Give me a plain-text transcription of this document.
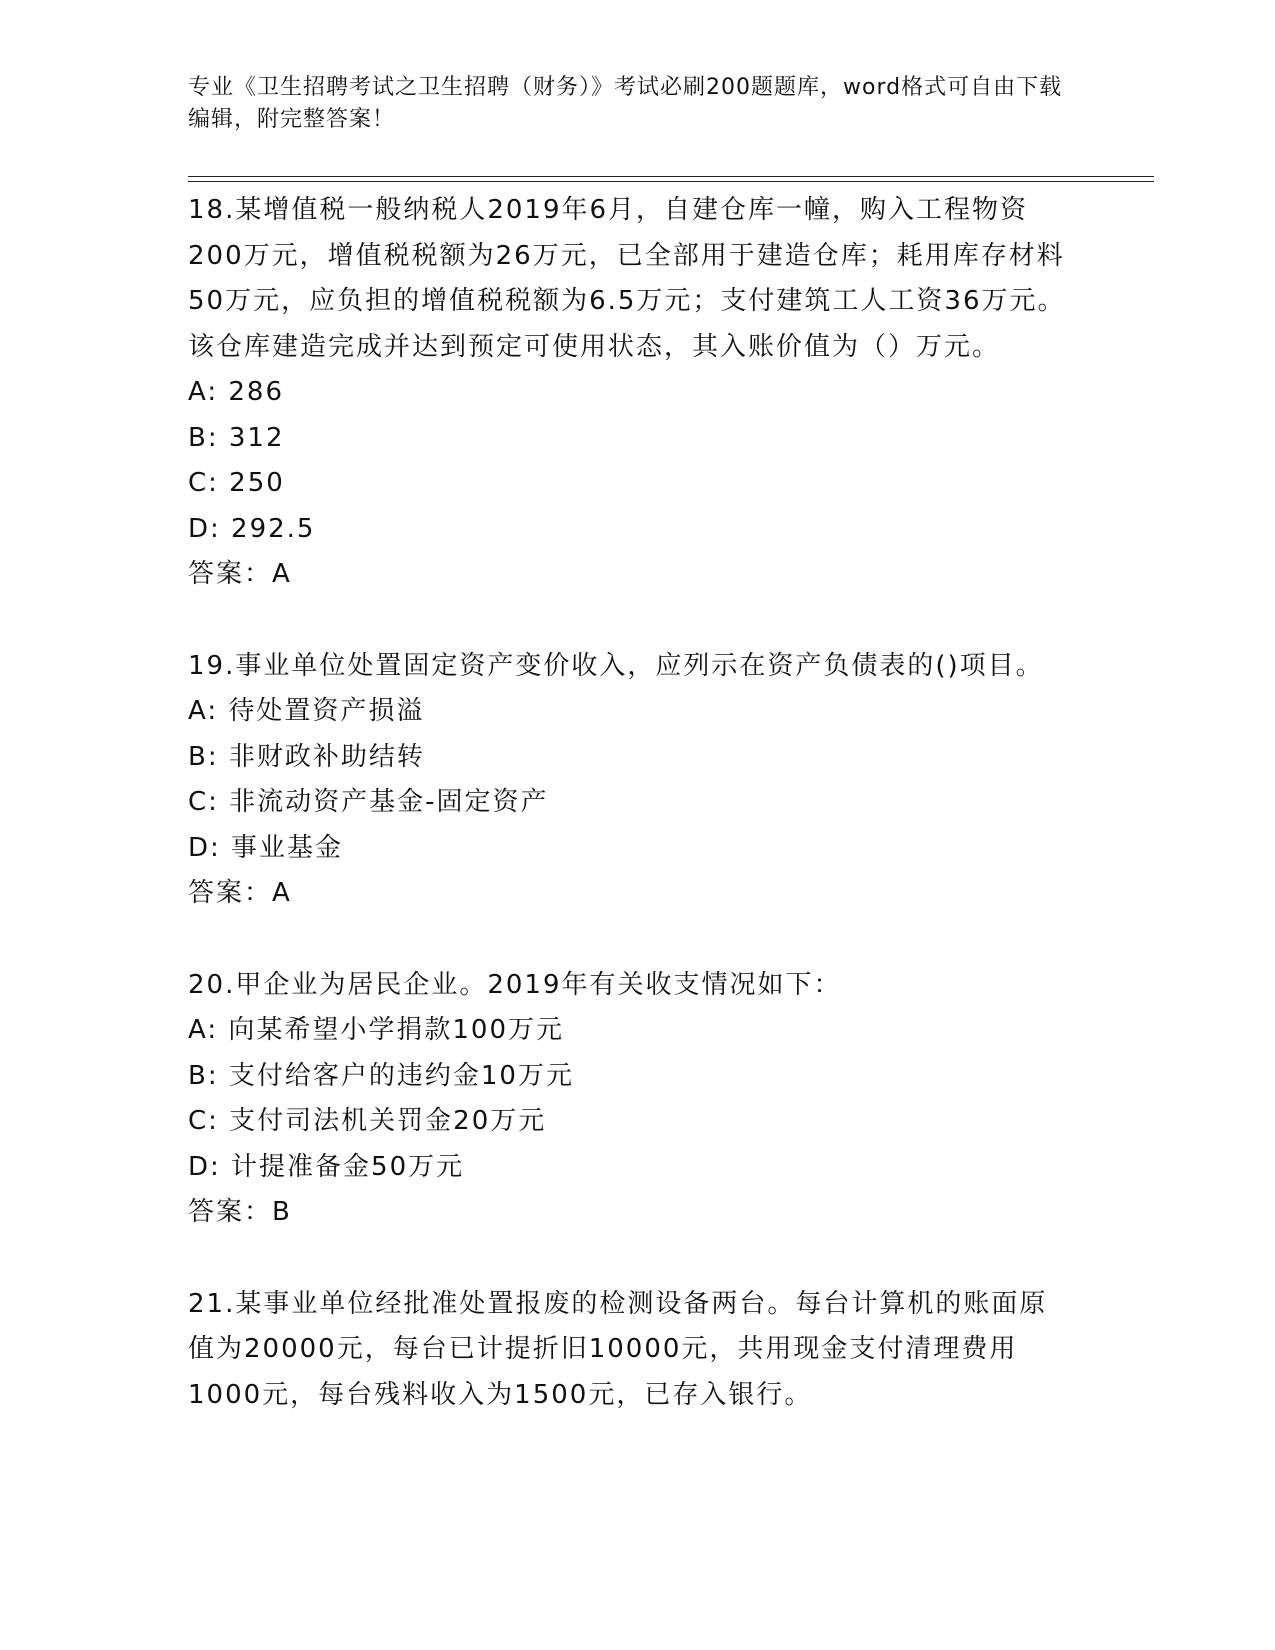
专业《卫生招聘考试之卫生招聘（财务）》考试必刷200题题库，word格式可自由下载编辑，附完整答案！

18.某增值税一般纳税人2019年6月，自建仓库一幢，购入工程物资200万元，增值税税额为26万元，已全部用于建造仓库；耗用库存材料50万元，应负担的增值税税额为6.5万元；支付建筑工人工资36万元。该仓库建造完成并达到预定可使用状态，其入账价值为（）万元。

A: 286

B: 312

C: 250

D: 292.5

答案：A

19.事业单位处置固定资产变价收入，应列示在资产负债表的()项目。

A: 待处置资产损溢

B: 非财政补助结转

C: 非流动资产基金-固定资产

D: 事业基金

答案：A

20.甲企业为居民企业。2019年有关收支情况如下：

A: 向某希望小学捐款100万元

B: 支付给客户的违约金10万元

C: 支付司法机关罚金20万元

D: 计提准备金50万元

答案：B

21.某事业单位经批准处置报废的检测设备两台。每台计算机的账面原值为20000元，每台已计提折旧10000元，共用现金支付清理费用1000元，每台残料收入为1500元，已存入银行。
